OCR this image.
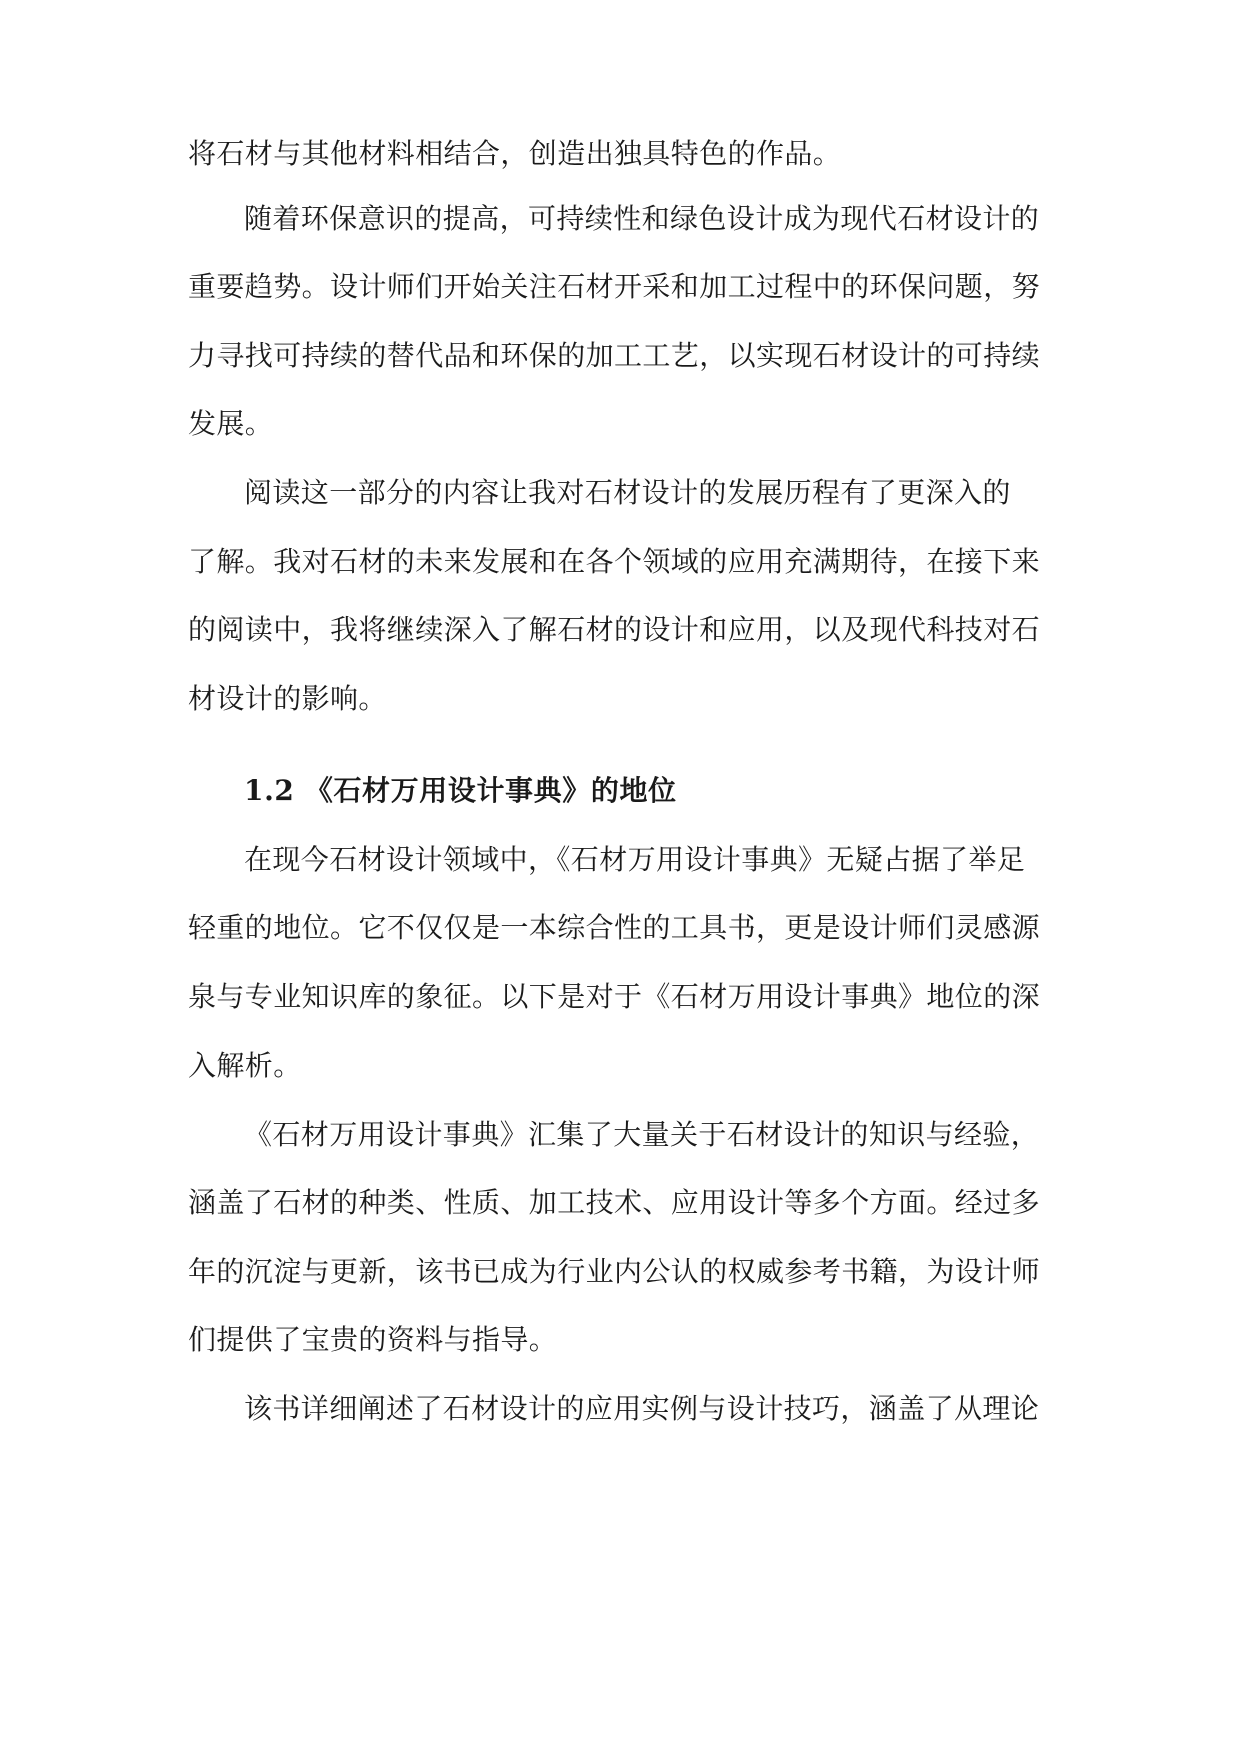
将石材与其他材料相结合，创造出独具特色的作品。

随着环保意识的提高，可持续性和绿色设计成为现代石材设计的

重要趋势。设计师们开始关注石材开采和加工过程中的环保问题，努

力寻找可持续的替代品和环保的加工工艺，以实现石材设计的可持续

发展。

阅读这一部分的内容让我对石材设计的发展历程有了更深入的

了解。我对石材的未来发展和在各个领域的应用充满期待，在接下来

的阅读中，我将继续深入了解石材的设计和应用，以及现代科技对石

材设计的影响。

1.2 《石材万用设计事典》的地位

在现今石材设计领域中，《石材万用设计事典》无疑占据了举足

轻重的地位。它不仅仅是一本综合性的工具书，更是设计师们灵感源

泉与专业知识库的象征。以下是对于《石材万用设计事典》地位的深

入解析。

《石材万用设计事典》汇集了大量关于石材设计的知识与经验，

涵盖了石材的种类、性质、加工技术、应用设计等多个方面。经过多

年的沉淀与更新，该书已成为行业内公认的权威参考书籍，为设计师

们提供了宝贵的资料与指导。

该书详细阐述了石材设计的应用实例与设计技巧，涵盖了从理论
